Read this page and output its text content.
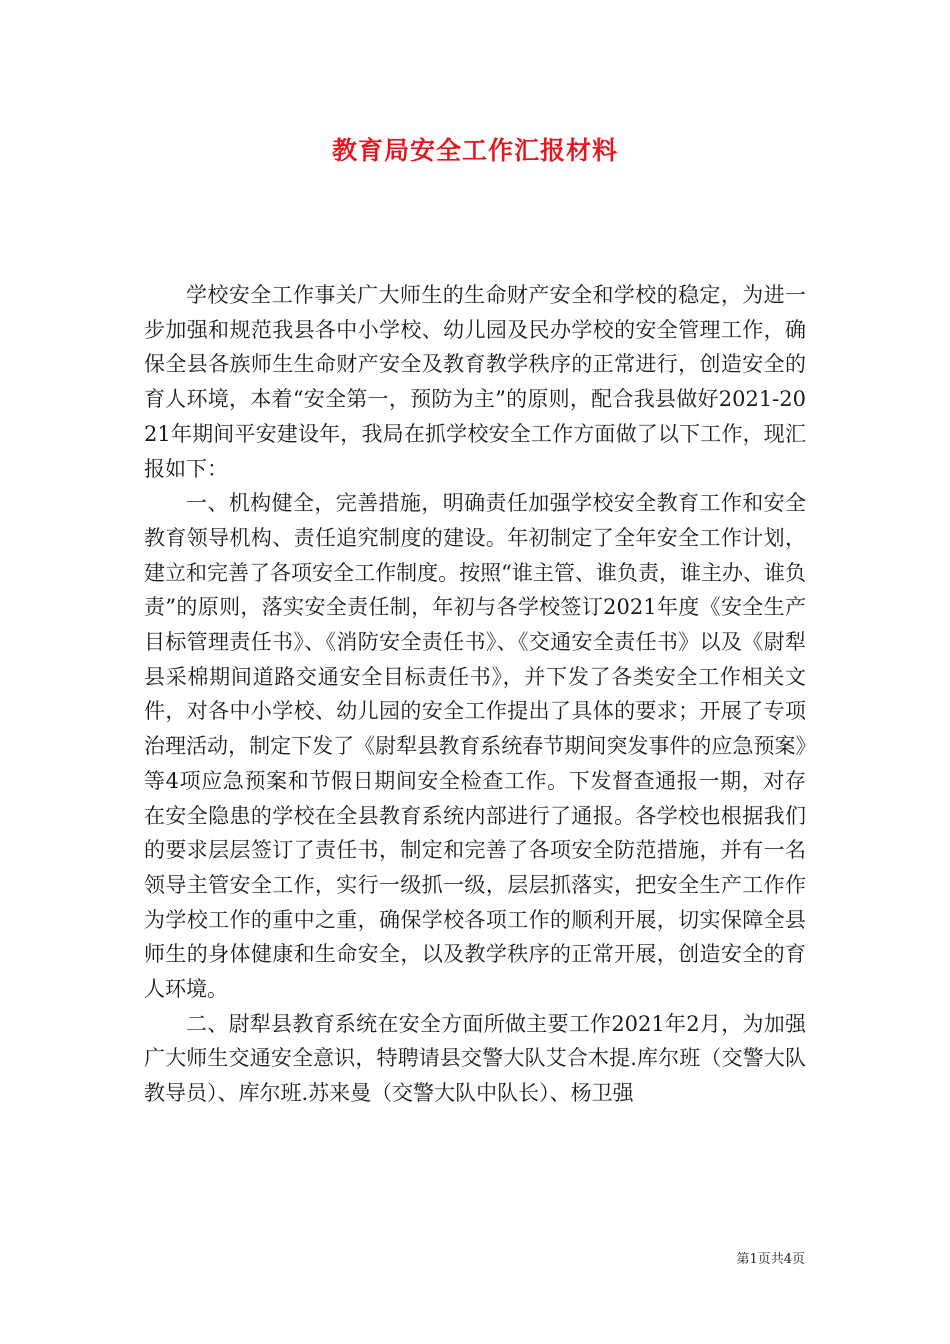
教育局安全工作汇报材料

学校安全工作事关广大师生的生命财产安全和学校的稳定，为进一步加强和规范我县各中小学校、幼儿园及民办学校的安全管理工作，确保全县各族师生生命财产安全及教育教学秩序的正常进行，创造安全的育人环境，本着“安全第一，预防为主”的原则，配合我县做好2021-2021年期间平安建设年，我局在抓学校安全工作方面做了以下工作，现汇报如下：

一、机构健全，完善措施，明确责任加强学校安全教育工作和安全教育领导机构、责任追究制度的建设。年初制定了全年安全工作计划，建立和完善了各项安全工作制度。按照“谁主管、谁负责，谁主办、谁负责”的原则，落实安全责任制，年初与各学校签订2021年度《安全生产目标管理责任书》、《消防安全责任书》、《交通安全责任书》以及《尉犁县采棉期间道路交通安全目标责任书》，并下发了各类安全工作相关文件，对各中小学校、幼儿园的安全工作提出了具体的要求；开展了专项治理活动，制定下发了《尉犁县教育系统春节期间突发事件的应急预案》等4项应急预案和节假日期间安全检查工作。下发督查通报一期，对存在安全隐患的学校在全县教育系统内部进行了通报。各学校也根据我们的要求层层签订了责任书，制定和完善了各项安全防范措施，并有一名领导主管安全工作，实行一级抓一级，层层抓落实，把安全生产工作作为学校工作的重中之重，确保学校各项工作的顺利开展，切实保障全县师生的身体健康和生命安全，以及教学秩序的正常开展，创造安全的育人环境。

二、尉犁县教育系统在安全方面所做主要工作2021年2月，为加强广大师生交通安全意识，特聘请县交警大队艾合木提.库尔班（交警大队教导员）、库尔班.苏来曼（交警大队中队长）、杨卫强

第1页共4页
